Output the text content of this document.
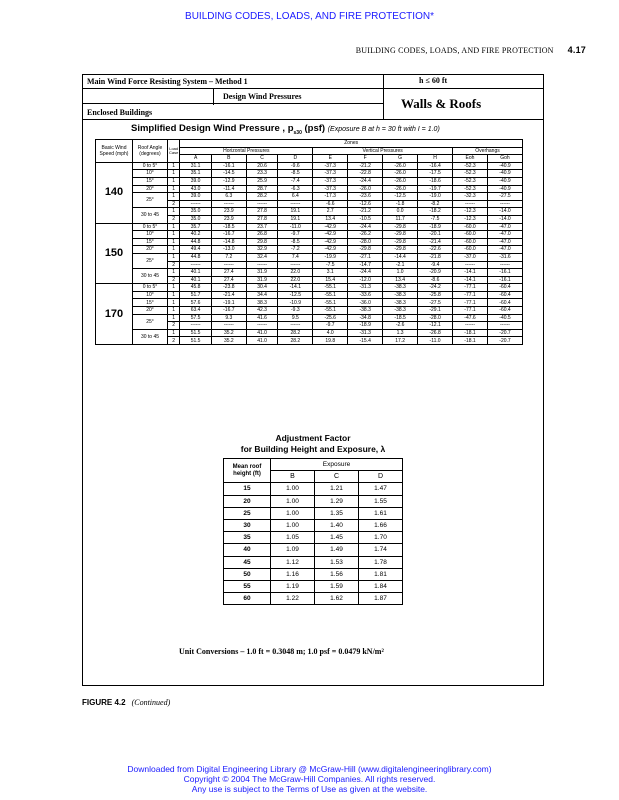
BUILDING CODES, LOADS, AND FIRE PROTECTION*
BUILDING CODES, LOADS, AND FIRE PROTECTION 4.17
Main Wind Force Resisting System – Method 1	h ≤ 60 ft
Design Wind Pressures
Enclosed Buildings
Walls & Roofs
Simplified Design Wind Pressure , $p_{s30}$ (psf) (Exposure B at h = 30 ft with I = 1.0)
Basic Wind Speed (mph)	Roof Angle (degrees)	Load Case	Zones									
			Horizontal Pressures				Vertical Pressures				Overhangs	
			A	B	C	D	E	F	G	H	Eoh	Goh
140	0 to 5°	1	31.1	-16.1	20.6	-9.6	-37.3	-21.2	-26.0	-16.4	-52.3	-40.9
	10°	1	35.1	-14.5	23.3	-8.5	-37.3	-22.8	-26.0	-17.5	-52.3	-40.9
	15°	1	39.0	-12.9	25.9	-7.4	-37.3	-24.4	-26.0	-18.6	-52.3	-40.9
	20°	1	43.0	-11.4	28.7	-6.3	-37.3	-26.0	-26.0	-19.7	-52.3	-40.9
	25°	1	39.0	6.3	28.2	6.4	-17.3	-23.6	-12.5	-19.0	-32.3	-27.5
		2	------	------	------	------	-6.6	-12.6	-1.8	-8.2	------	------
	30 to 45	1	35.0	23.9	27.8	19.1	2.7	-21.2	0.0	-18.2	-12.3	-14.0
		2	35.0	23.9	27.8	19.1	13.4	-10.5	11.7	-7.5	-12.3	-14.0
150	0 to 5°	1	35.7	-18.5	23.7	-11.0	-42.9	-24.4	-29.8	-18.9	-60.0	-47.0
	10°	1	40.2	-16.7	26.8	-9.7	-42.9	-26.2	-29.8	-20.1	-60.0	-47.0
	15°	1	44.8	-14.8	29.8	-8.5	-42.9	-28.0	-29.8	-21.4	-60.0	-47.0
	20°	1	49.4	-13.0	32.9	-7.2	-42.9	-29.8	-29.8	-22.6	-60.0	-47.0
	25°	1	44.8	7.2	32.4	7.4	-19.9	-27.1	-14.4	-21.8	-37.0	-31.6
		2	------	------	------	------	-7.5	-14.7	-2.1	-9.4	------	------
	30 to 45	1	40.1	27.4	31.9	22.0	3.1	-24.4	1.0	-20.9	-14.1	-16.1
		2	40.1	27.4	31.9	22.0	15.4	-12.0	13.4	-8.6	-14.1	-16.1
170	0 to 5°	1	45.8	-23.8	30.4	-14.1	-55.1	-31.3	-38.3	-24.2	-77.1	-60.4
	10°	1	51.7	-21.4	34.4	-12.5	-55.1	-33.6	-38.3	-25.8	-77.1	-60.4
	15°	1	57.6	-19.1	38.3	-10.9	-55.1	-36.0	-38.3	-27.5	-77.1	-60.4
	20°	1	63.4	-16.7	42.3	-9.3	-55.1	-38.3	-38.3	-29.1	-77.1	-60.4
	25°	1	57.5	9.3	41.6	9.5	-25.6	-34.8	-18.5	-28.0	-47.6	-40.5
		2	------	------	------	------	-9.7	-18.9	-2.6	-12.1	------	------
	30 to 45	1	51.5	35.2	41.0	28.2	4.0	-31.3	1.3	-26.8	-18.1	-20.7
		2	51.5	35.2	41.0	28.2	19.8	-15.4	17.2	-11.0	-18.1	-20.7
Adjustment Factor
for Building Height and Exposure, λ
Mean roof height (ft)	Exposure		
	B	C	D
15	1.00	1.21	1.47
20	1.00	1.29	1.55
25	1.00	1.35	1.61
30	1.00	1.40	1.66
35	1.05	1.45	1.70
40	1.09	1.49	1.74
45	1.12	1.53	1.78
50	1.16	1.56	1.81
55	1.19	1.59	1.84
60	1.22	1.62	1.87
Unit Conversions – 1.0 ft = 0.3048 m; 1.0 psf = 0.0479 kN/m²
FIGURE 4.2 (Continued)
Downloaded from Digital Engineering Library @ McGraw-Hill (www.digitalengineeringlibrary.com)
Copyright © 2004 The McGraw-Hill Companies. All rights reserved.
Any use is subject to the Terms of Use as given at the website.
